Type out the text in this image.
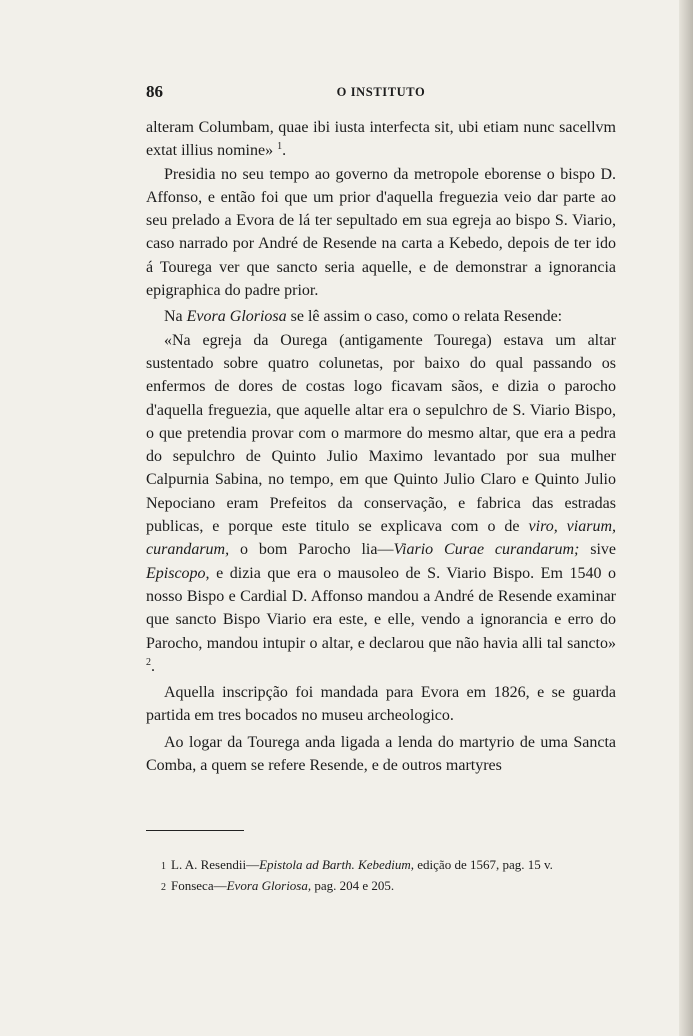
86	O INSTITUTO

alteram Columbam, quae ibi iusta interfecta sit, ubi etiam nunc sacellvm extat illius nomine» $^1$.

Presidia no seu tempo ao governo da metropole eborense o bispo D. Affonso, e então foi que um prior d'aquella freguezia veio dar parte ao seu prelado a Evora de lá ter sepultado em sua egreja ao bispo S. Viario, caso narrado por André de Resende na carta a Kebedo, depois de ter ido á Tourega ver que sancto seria aquelle, e de demonstrar a ignorancia epigraphica do padre prior.

Na Evora Gloriosa se lê assim o caso, como o relata Resende:

«Na egreja da Ourega (antigamente Tourega) estava um altar sustentado sobre quatro colunetas, por baixo do qual passando os enfermos de dores de costas logo ficavam sãos, e dizia o parocho d'aquella freguezia, que aquelle altar era o sepulchro de S. Viario Bispo, o que pretendia provar com o marmore do mesmo altar, que era a pedra do sepulchro de Quinto Julio Maximo levantado por sua mulher Calpurnia Sabina, no tempo, em que Quinto Julio Claro e Quinto Julio Nepociano eram Prefeitos da conservação, e fabrica das estradas publicas, e porque este titulo se explicava com o de viro, viarum, curandarum, o bom Parocho lia—Viario Curae curandarum; sive Episcopo, e dizia que era o mausoleo de S. Viario Bispo. Em 1540 o nosso Bispo e Cardial D. Affonso mandou a André de Resende examinar que sancto Bispo Viario era este, e elle, vendo a ignorancia e erro do Parocho, mandou intupir o altar, e declarou que não havia alli tal sancto» $^2$.

Aquella inscripção foi mandada para Evora em 1826, e se guarda partida em tres bocados no museu archeologico.

Ao logar da Tourega anda ligada a lenda do martyrio de uma Sancta Comba, a quem se refere Resende, e de outros martyres

1 L. A. Resendii—Epistola ad Barth. Kebedium, edição de 1567, pag. 15 v.
2 Fonseca—Evora Gloriosa, pag. 204 e 205.
